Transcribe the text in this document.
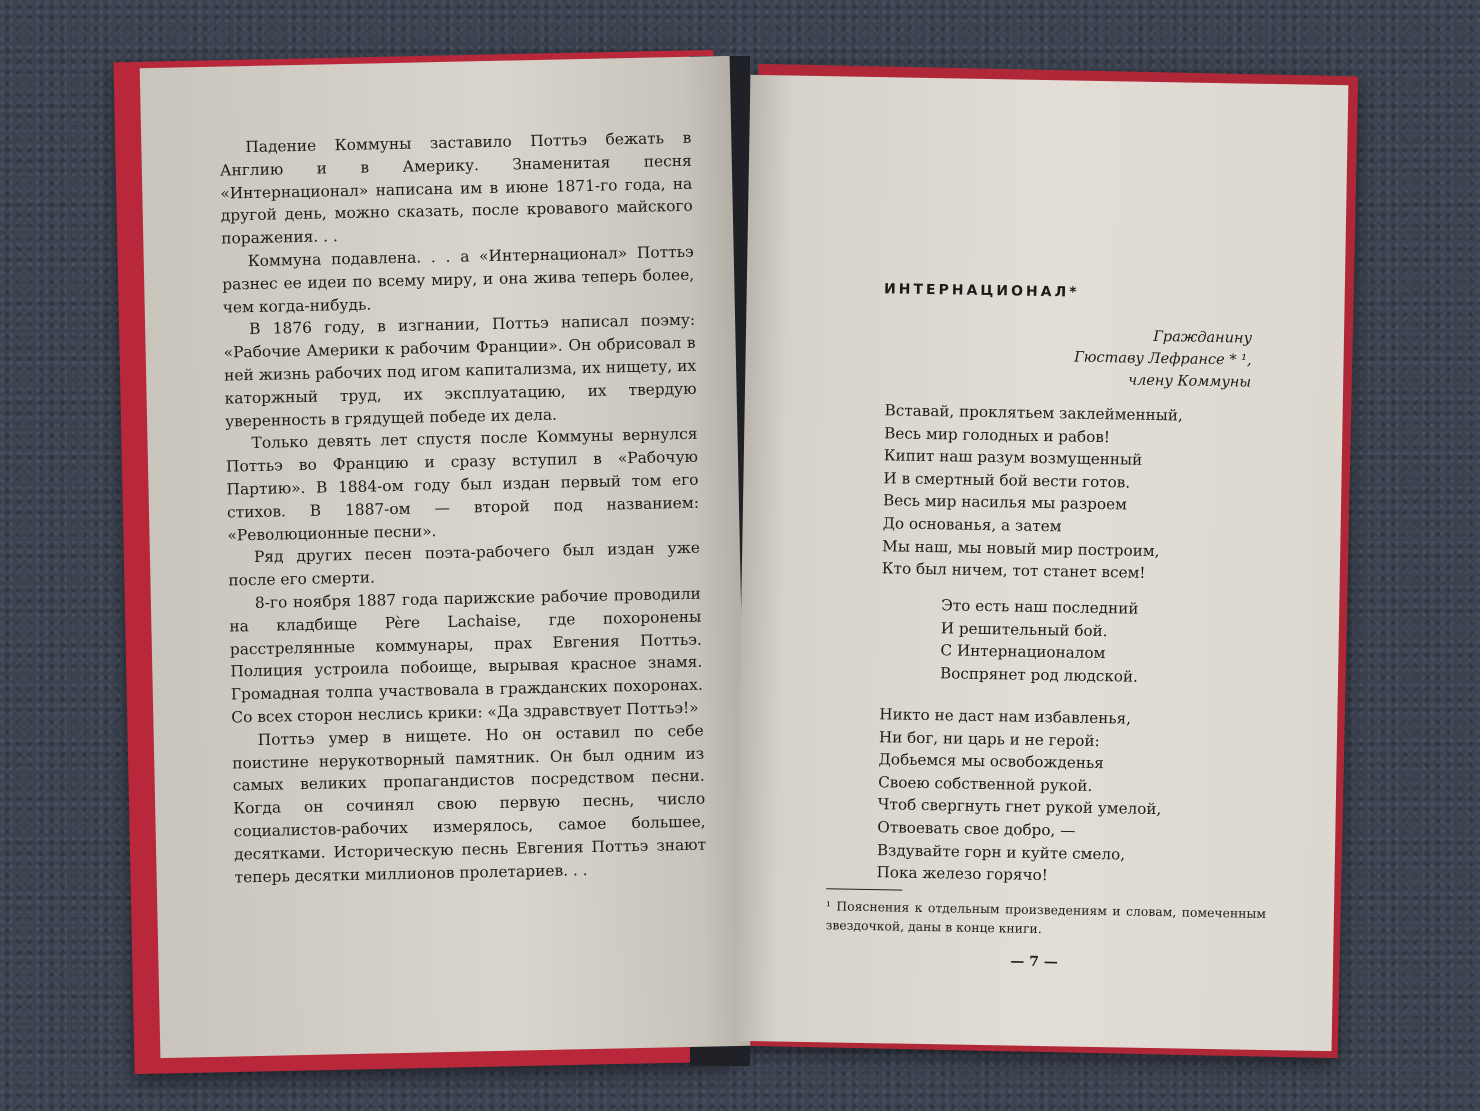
Падение Коммуны заставило Поттьэ бежать в Англию и в Америку. Знаменитая песня «Интернационал» написана им в июне 1871-го года, на другой день, можно сказать, после кровавого майского поражения. . .

Коммуна подавлена. . . а «Интернационал» Поттьэ разнес ее идеи по всему миру, и она жива теперь более, чем когда-нибудь.

В 1876 году, в изгнании, Поттьэ написал поэму: «Рабочие Америки к рабочим Франции». Он обрисовал в ней жизнь рабочих под игом капитализма, их нищету, их каторжный труд, их эксплуатацию, их твердую уверенность в грядущей победе их дела.

Только девять лет спустя после Коммуны вернулся Поттьэ во Францию и сразу вступил в «Рабочую Партию». В 1884-ом году был издан первый том его стихов. В 1887-ом — второй под названием: «Революционные песни».

Ряд других песен поэта-рабочего был издан уже после его смерти.

8-го ноября 1887 года парижские рабочие проводили на кладбище Père Lachaise, где похоронены расстрелянные коммунары, прах Евгения Поттьэ. Полиция устроила побоище, вырывая красное знамя. Громадная толпа участвовала в гражданских похоронах. Со всех сторон неслись крики: «Да здравствует Поттьэ!»

Поттьэ умер в нищете. Но он оставил по себе поистине нерукотворный памятник. Он был одним из самых великих пропагандистов посредством песни. Когда он сочинял свою первую песнь, число социалистов-рабочих измерялось, самое большее, десятками. Историческую песнь Евгения Поттьэ знают теперь десятки миллионов пролетариев. . .

ИНТЕРНАЦИОНАЛ*
Гражданину
Гюставу Лефрансе * ¹,
члену Коммуны
Вставай, проклятьем заклейменный,
Весь мир голодных и рабов!
Кипит наш разум возмущенный
И в смертный бой вести готов.
Весь мир насилья мы разроем
До основанья, а затем
Мы наш, мы новый мир построим,
Кто был ничем, тот станет всем!
Это есть наш последний
И решительный бой.
С Интернационалом
Воспрянет род людской.
Никто не даст нам избавленья,
Ни бог, ни царь и не герой:
Добьемся мы освобожденья
Своею собственной рукой.
Чтоб свергнуть гнет рукой умелой,
Отвоевать свое добро, —
Вздувайте горн и куйте смело,
Пока железо горячо!
¹ Пояснения к отдельным произведениям и словам, помеченным звездочкой, даны в конце книги.
— 7 —
